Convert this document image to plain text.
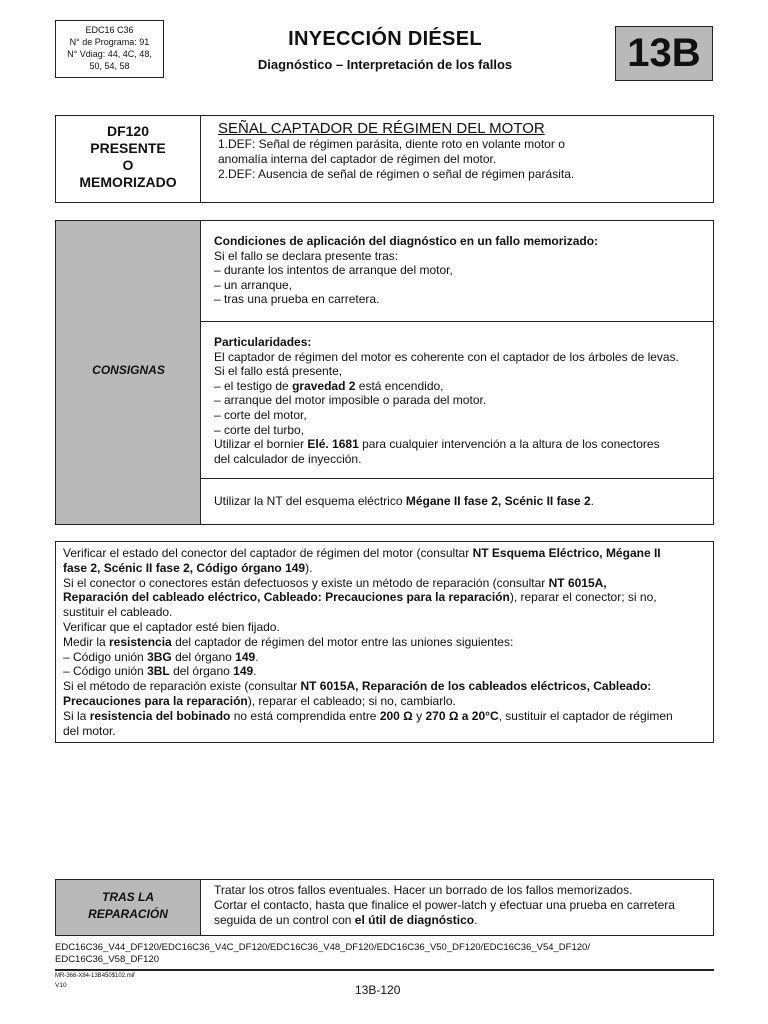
EDC16 C36
N° de Programa: 91
N° Vdiag: 44, 4C, 48,
50, 54, 58
INYECCIÓN DIÉSEL
Diagnóstico – Interpretación de los fallos	13B
DF120
PRESENTE
O
MEMORIZADO
SEÑAL CAPTADOR DE RÉGIMEN DEL MOTOR
1.DEF: Señal de régimen parásita, diente roto en volante motor o
anomalía interna del captador de régimen del motor.
2.DEF: Ausencia de señal de régimen o señal de régimen parásita.
CONSIGNAS
Condiciones de aplicación del diagnóstico en un fallo memorizado:
Si el fallo se declara presente tras:
– durante los intentos de arranque del motor,
– un arranque,
– tras una prueba en carretera.
Particularidades:
El captador de régimen del motor es coherente con el captador de los árboles de levas.
Si el fallo está presente,
– el testigo de gravedad 2 está encendido,
– arranque del motor imposible o parada del motor.
– corte del motor,
– corte del turbo,
Utilizar el bornier Elé. 1681 para cualquier intervención a la altura de los conectores
del calculador de inyección.
Utilizar la NT del esquema eléctrico Mégane II fase 2, Scénic II fase 2.
Verificar el estado del conector del captador de régimen del motor (consultar NT Esquema Eléctrico, Mégane II
fase 2, Scénic II fase 2, Código órgano 149).
Si el conector o conectores están defectuosos y existe un método de reparación (consultar NT 6015A,
Reparación del cableado eléctrico, Cableado: Precauciones para la reparación), reparar el conector; si no,
sustituir el cableado.
Verificar que el captador esté bien fijado.
Medir la resistencia del captador de régimen del motor entre las uniones siguientes:
– Código unión 3BG del órgano 149.
– Código unión 3BL del órgano 149.
Si el método de reparación existe (consultar NT 6015A, Reparación de los cableados eléctricos, Cableado:
Precauciones para la reparación), reparar el cableado; si no, cambiarlo.
Si la resistencia del bobinado no está comprendida entre 200 Ω y 270 Ω a 20°C, sustituir el captador de régimen
del motor.
TRAS LA
REPARACIÓN
Tratar los otros fallos eventuales. Hacer un borrado de los fallos memorizados.
Cortar el contacto, hasta que finalice el power-latch y efectuar una prueba en carretera
seguida de un control con el útil de diagnóstico.
EDC16C36_V44_DF120/EDC16C36_V4C_DF120/EDC16C36_V48_DF120/EDC16C36_V50_DF120/EDC16C36_V54_DF120/
EDC16C36_V58_DF120
MR-366-X84-13B450$102.mif
V10	13B-120
